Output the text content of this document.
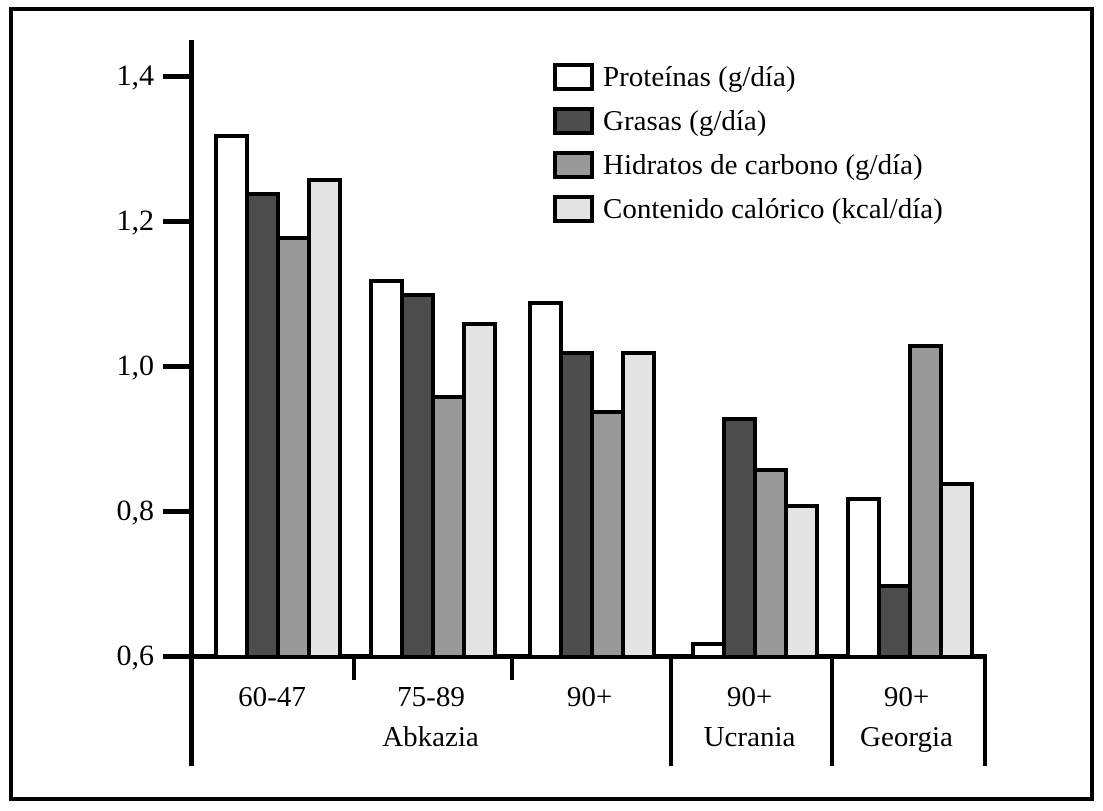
Proteínas (g/día)
Grasas (g/día)
Hidratos de carbono (g/día)
Contenido calórico (kcal/día)
1,4
1,2
1,0
0,8
0,6
60-47	75-89	90+	90+	90+
Abkazia	Ucrania Georgia
